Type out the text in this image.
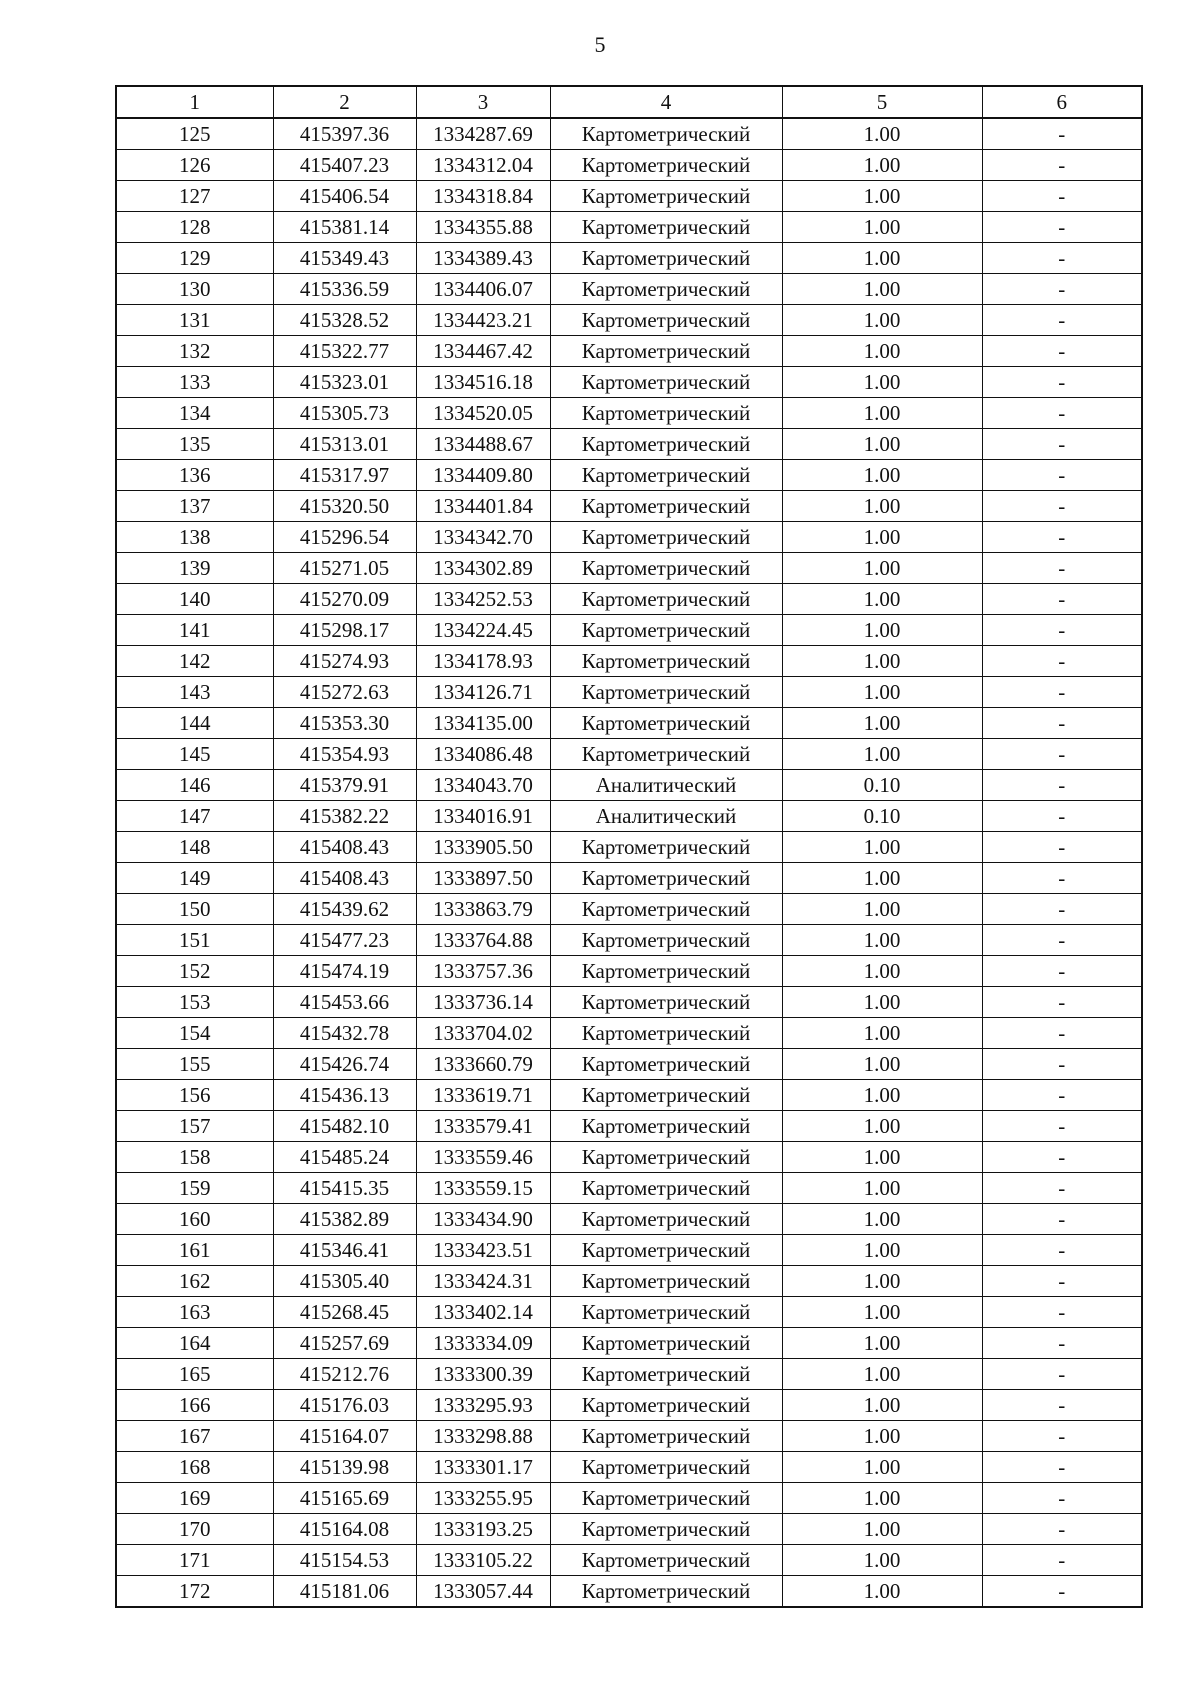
5
1	2	3	4	5	6
125	415397.36	1334287.69	Картометрический	1.00	-
126	415407.23	1334312.04	Картометрический	1.00	-
127	415406.54	1334318.84	Картометрический	1.00	-
128	415381.14	1334355.88	Картометрический	1.00	-
129	415349.43	1334389.43	Картометрический	1.00	-
130	415336.59	1334406.07	Картометрический	1.00	-
131	415328.52	1334423.21	Картометрический	1.00	-
132	415322.77	1334467.42	Картометрический	1.00	-
133	415323.01	1334516.18	Картометрический	1.00	-
134	415305.73	1334520.05	Картометрический	1.00	-
135	415313.01	1334488.67	Картометрический	1.00	-
136	415317.97	1334409.80	Картометрический	1.00	-
137	415320.50	1334401.84	Картометрический	1.00	-
138	415296.54	1334342.70	Картометрический	1.00	-
139	415271.05	1334302.89	Картометрический	1.00	-
140	415270.09	1334252.53	Картометрический	1.00	-
141	415298.17	1334224.45	Картометрический	1.00	-
142	415274.93	1334178.93	Картометрический	1.00	-
143	415272.63	1334126.71	Картометрический	1.00	-
144	415353.30	1334135.00	Картометрический	1.00	-
145	415354.93	1334086.48	Картометрический	1.00	-
146	415379.91	1334043.70	Аналитический	0.10	-
147	415382.22	1334016.91	Аналитический	0.10	-
148	415408.43	1333905.50	Картометрический	1.00	-
149	415408.43	1333897.50	Картометрический	1.00	-
150	415439.62	1333863.79	Картометрический	1.00	-
151	415477.23	1333764.88	Картометрический	1.00	-
152	415474.19	1333757.36	Картометрический	1.00	-
153	415453.66	1333736.14	Картометрический	1.00	-
154	415432.78	1333704.02	Картометрический	1.00	-
155	415426.74	1333660.79	Картометрический	1.00	-
156	415436.13	1333619.71	Картометрический	1.00	-
157	415482.10	1333579.41	Картометрический	1.00	-
158	415485.24	1333559.46	Картометрический	1.00	-
159	415415.35	1333559.15	Картометрический	1.00	-
160	415382.89	1333434.90	Картометрический	1.00	-
161	415346.41	1333423.51	Картометрический	1.00	-
162	415305.40	1333424.31	Картометрический	1.00	-
163	415268.45	1333402.14	Картометрический	1.00	-
164	415257.69	1333334.09	Картометрический	1.00	-
165	415212.76	1333300.39	Картометрический	1.00	-
166	415176.03	1333295.93	Картометрический	1.00	-
167	415164.07	1333298.88	Картометрический	1.00	-
168	415139.98	1333301.17	Картометрический	1.00	-
169	415165.69	1333255.95	Картометрический	1.00	-
170	415164.08	1333193.25	Картометрический	1.00	-
171	415154.53	1333105.22	Картометрический	1.00	-
172	415181.06	1333057.44	Картометрический	1.00	-
